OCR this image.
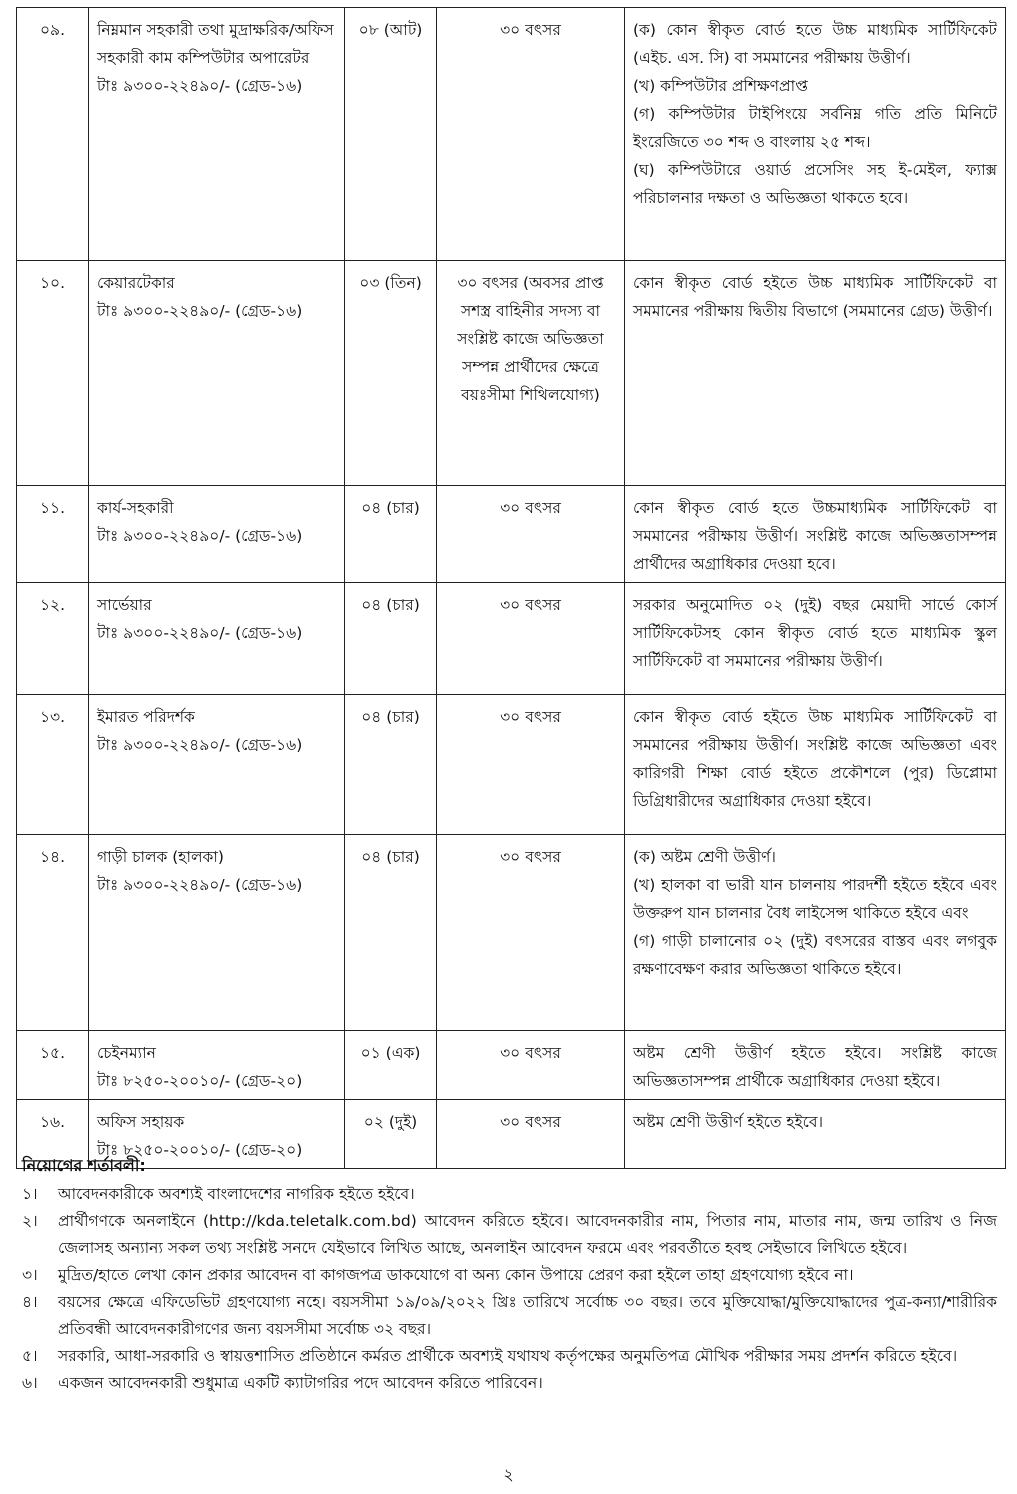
০৯.	নিম্নমান সহকারী তথা মুদ্রাক্ষরিক/অফিস সহকারী কাম কম্পিউটার অপারেটর
টাঃ ৯৩০০-২২৪৯০/- (গ্রেড-১৬)	০৮ (আট)	৩০ বৎসর	(ক) কোন স্বীকৃত বোর্ড হতে উচ্চ মাধ্যমিক সার্টিফিকেট (এইচ. এস. সি) বা সমমানের পরীক্ষায় উত্তীর্ণ।
(খ) কম্পিউটার প্রশিক্ষণপ্রাপ্ত
(গ) কম্পিউটার টাইপিংয়ে সর্বনিম্ন গতি প্রতি মিনিটে ইংরেজিতে ৩০ শব্দ ও বাংলায় ২৫ শব্দ।
(ঘ) কম্পিউটারে ওয়ার্ড প্রসেসিং সহ ই-মেইল, ফ্যাক্স পরিচালনার দক্ষতা ও অভিজ্ঞতা থাকতে হবে।

১০.	কেয়ারটেকার
টাঃ ৯৩০০-২২৪৯০/- (গ্রেড-১৬)	০৩ (তিন)	৩০ বৎসর (অবসর প্রাপ্ত সশস্ত্র বাহিনীর সদস্য বা সংশ্লিষ্ট কাজে অভিজ্ঞতা সম্পন্ন প্রার্থীদের ক্ষেত্রে বয়ঃসীমা শিথিলযোগ্য)	কোন স্বীকৃত বোর্ড হইতে উচ্চ মাধ্যমিক সার্টিফিকেট বা সমমানের পরীক্ষায় দ্বিতীয় বিভাগে (সমমানের গ্রেড) উত্তীর্ণ।

১১.	কার্য-সহকারী
টাঃ ৯৩০০-২২৪৯০/- (গ্রেড-১৬)	০৪ (চার)	৩০ বৎসর	কোন স্বীকৃত বোর্ড হতে উচ্চমাধ্যমিক সার্টিফিকেট বা সমমানের পরীক্ষায় উত্তীর্ণ। সংশ্লিষ্ট কাজে অভিজ্ঞতাসম্পন্ন প্রার্থীদের অগ্রাধিকার দেওয়া হবে।

১২.	সার্ভেয়ার
টাঃ ৯৩০০-২২৪৯০/- (গ্রেড-১৬)	০৪ (চার)	৩০ বৎসর	সরকার অনুমোদিত ০২ (দুই) বছর মেয়াদী সার্ভে কোর্স সার্টিফিকেটসহ কোন স্বীকৃত বোর্ড হতে মাধ্যমিক স্কুল সার্টিফিকেট বা সমমানের পরীক্ষায় উত্তীর্ণ।

১৩.	ইমারত পরিদর্শক
টাঃ ৯৩০০-২২৪৯০/- (গ্রেড-১৬)	০৪ (চার)	৩০ বৎসর	কোন স্বীকৃত বোর্ড হইতে উচ্চ মাধ্যমিক সার্টিফিকেট বা সমমানের পরীক্ষায় উত্তীর্ণ। সংশ্লিষ্ট কাজে অভিজ্ঞতা এবং কারিগরী শিক্ষা বোর্ড হইতে প্রকৌশলে (পুর) ডিপ্লোমা ডিগ্রিধারীদের অগ্রাধিকার দেওয়া হইবে।

১৪.	গাড়ী চালক (হালকা)
টাঃ ৯৩০০-২২৪৯০/- (গ্রেড-১৬)	০৪ (চার)	৩০ বৎসর	(ক) অষ্টম শ্রেণী উত্তীর্ণ।
(খ) হালকা বা ভারী যান চালনায় পারদর্শী হইতে হইবে এবং উক্তরুপ যান চালনার বৈধ লাইসেন্স থাকিতে হইবে এবং
(গ) গাড়ী চালানোর ০২ (দুই) বৎসরের বাস্তব এবং লগবুক রক্ষণাবেক্ষণ করার অভিজ্ঞতা থাকিতে হইবে।

১৫.	চেইনম্যান
টাঃ ৮২৫০-২০০১০/- (গ্রেড-২০)	০১ (এক)	৩০ বৎসর	অষ্টম শ্রেণী উত্তীর্ণ হইতে হইবে। সংশ্লিষ্ট কাজে অভিজ্ঞতাসম্পন্ন প্রার্থীকে অগ্রাধিকার দেওয়া হইবে।

১৬.	অফিস সহায়ক
টাঃ ৮২৫০-২০০১০/- (গ্রেড-২০)	০২ (দুই)	৩০ বৎসর	অষ্টম শ্রেণী উত্তীর্ণ হইতে হইবে।
নিয়োগের শর্তাবলী:
১।	আবেদনকারীকে অবশ্যই বাংলাদেশের নাগরিক হইতে হইবে।
২।	প্রার্থীগণকে অনলাইনে (http://kda.teletalk.com.bd) আবেদন করিতে হইবে। আবেদনকারীর নাম, পিতার নাম, মাতার নাম, জন্ম তারিখ ও নিজ জেলাসহ অন্যান্য সকল তথ্য সংশ্লিষ্ট সনদে যেইভাবে লিখিত আছে, অনলাইন আবেদন ফরমে এবং পরবর্তীতে হবহু সেইভাবে লিখিতে হইবে।
৩।	মুদ্রিত/হাতে লেখা কোন প্রকার আবেদন বা কাগজপত্র ডাকযোগে বা অন্য কোন উপায়ে প্রেরণ করা হইলে তাহা গ্রহণযোগ্য হইবে না।
৪।	বয়সের ক্ষেত্রে এফিডেভিট গ্রহণযোগ্য নহে। বয়সসীমা ১৯/০৯/২০২২ খ্রিঃ তারিখে সর্বোচ্চ ৩০ বছর। তবে মুক্তিযোদ্ধা/মুক্তিযোদ্ধাদের পুত্র-কন্যা/শারীরিক প্রতিবন্ধী আবেদনকারীগণের জন্য বয়সসীমা সর্বোচ্চ ৩২ বছর।
৫।	সরকারি, আধা-সরকারি ও স্বায়ত্তশাসিত প্রতিষ্ঠানে কর্মরত প্রার্থীকে অবশ্যই যথাযথ কর্তৃপক্ষের অনুমতিপত্র মৌখিক পরীক্ষার সময় প্রদর্শন করিতে হইবে।
৬।	একজন আবেদনকারী শুধুমাত্র একটি ক্যাটাগরির পদে আবেদন করিতে পারিবেন।
২
